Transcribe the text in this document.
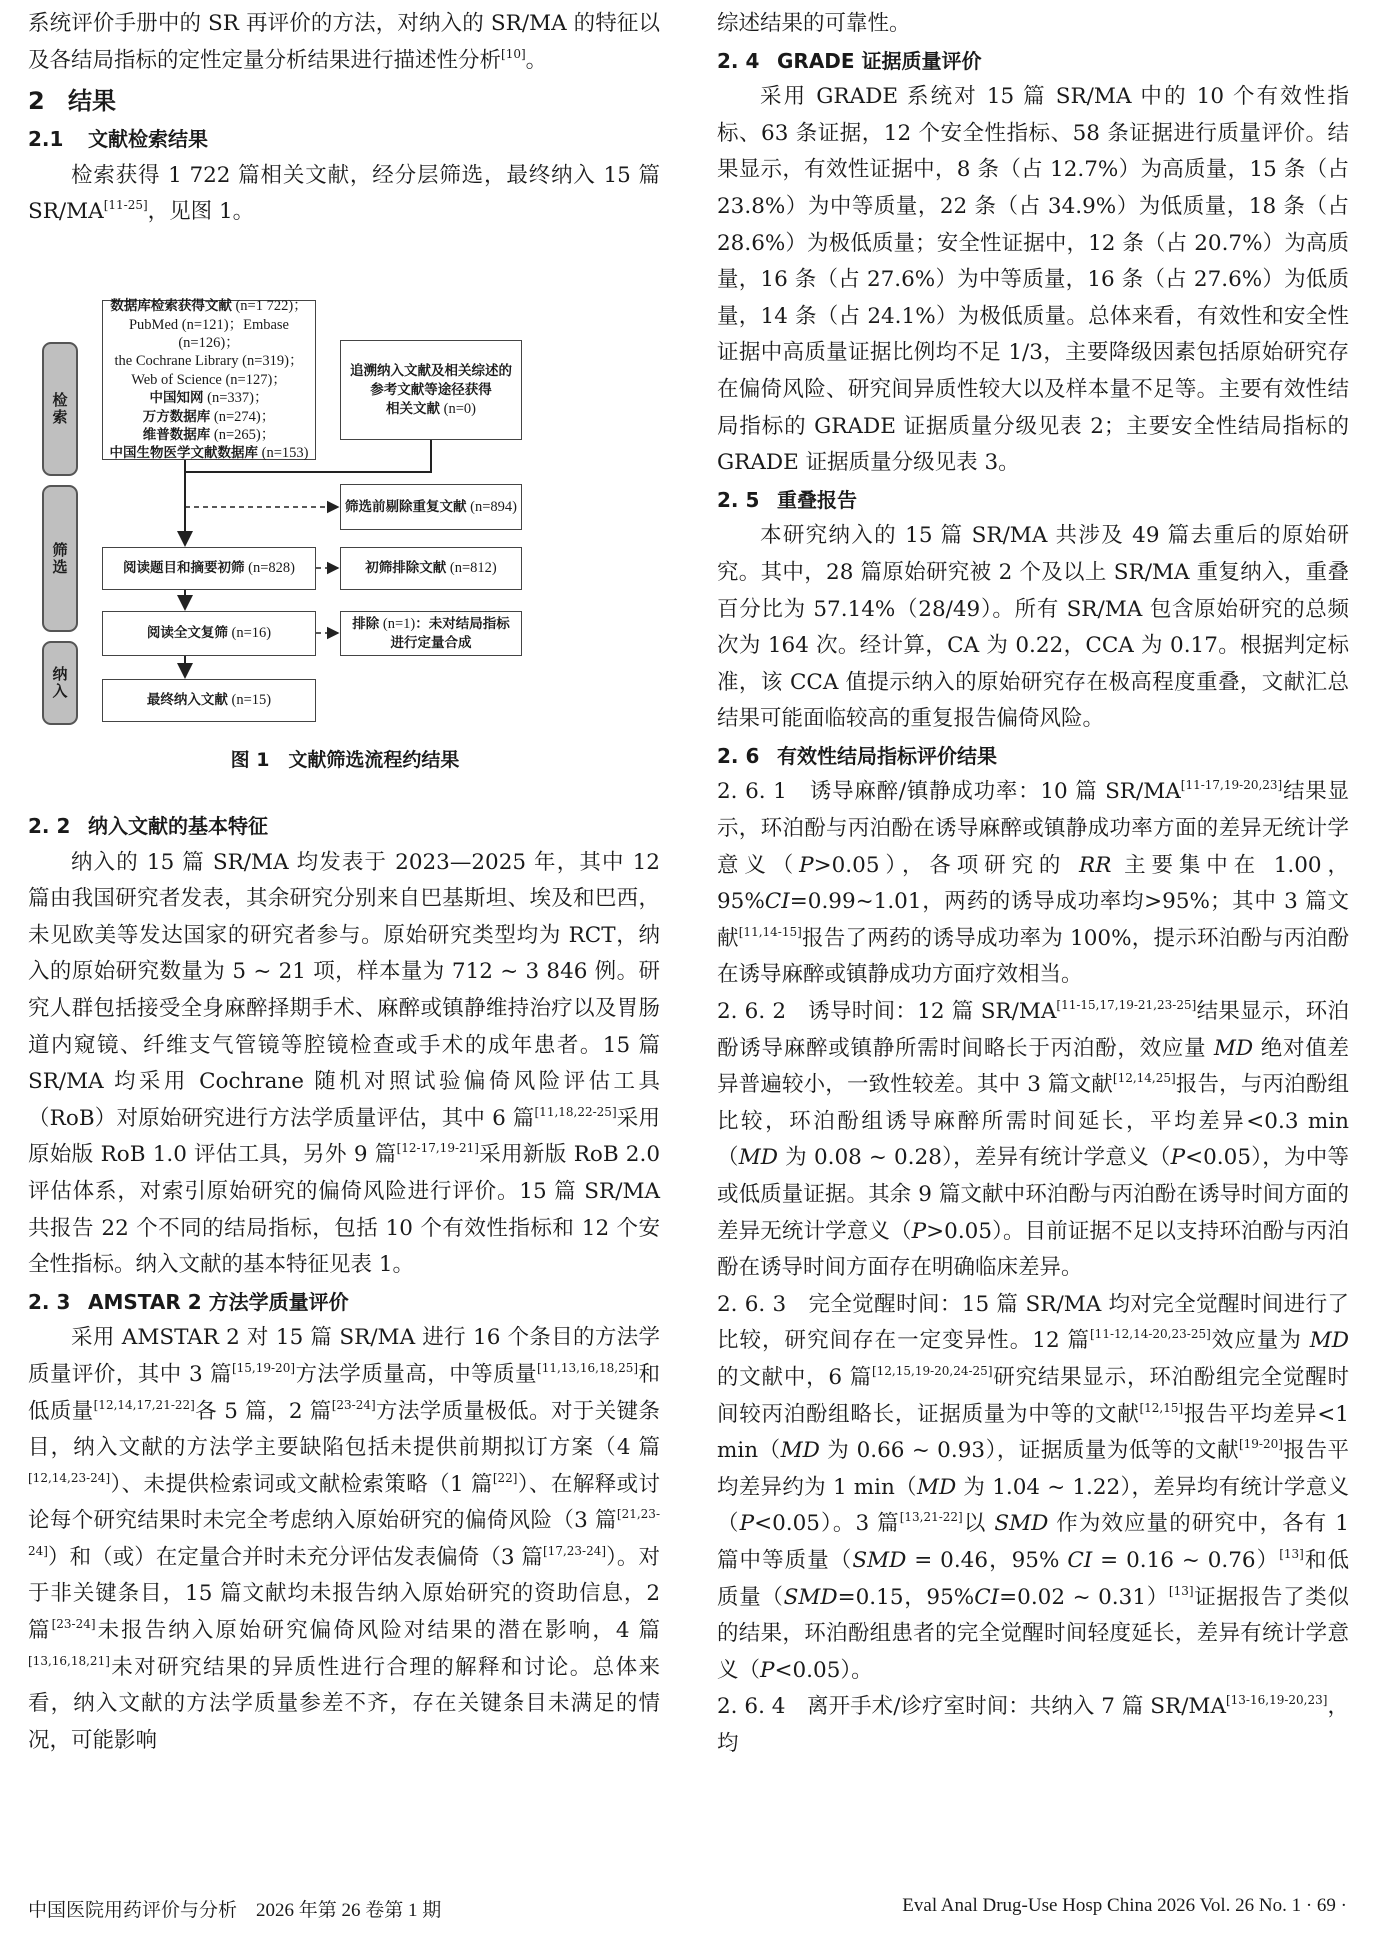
系统评价手册中的 SR 再评价的方法，对纳入的 SR/MA 的特征以及各结局指标的定性定量分析结果进行描述性分析[10]。

2 结果
2.1 文献检索结果

检索获得 1 722 篇相关文献，经分层筛选，最终纳入 15 篇 SR/MA[11-25]，见图 1。

检索
筛选
纳入
数据库检索获得文献 (n=1 722)；
PubMed (n=121)；Embase (n=126)；
the Cochrane Library (n=319)；
Web of Science (n=127)；
中国知网 (n=337)；
万方数据库 (n=274)；
维普数据库 (n=265)；
中国生物医学文献数据库 (n=153)
追溯纳入文献及相关综述的
参考文献等途径获得
相关文献 (n=0)
筛选前剔除重复文献 (n=894)
阅读题目和摘要初筛 (n=828)	初筛排除文献 (n=812)
阅读全文复筛 (n=16)
排除 (n=1)：未对结局指标
进行定量合成
最终纳入文献 (n=15)
图 1　文献筛选流程约结果
2. 2 纳入文献的基本特征

纳入的 15 篇 SR/MA 均发表于 2023—2025 年，其中 12 篇由我国研究者发表，其余研究分别来自巴基斯坦、埃及和巴西，未见欧美等发达国家的研究者参与。原始研究类型均为 RCT，纳入的原始研究数量为 5 ~ 21 项，样本量为 712 ~ 3 846 例。研究人群包括接受全身麻醉择期手术、麻醉或镇静维持治疗以及胃肠道内窥镜、纤维支气管镜等腔镜检查或手术的成年患者。15 篇 SR/MA 均采用 Cochrane 随机对照试验偏倚风险评估工具（RoB）对原始研究进行方法学质量评估，其中 6 篇[11,18,22-25]采用原始版 RoB 1.0 评估工具，另外 9 篇[12-17,19-21]采用新版 RoB 2.0 评估体系，对索引原始研究的偏倚风险进行评价。15 篇 SR/MA 共报告 22 个不同的结局指标，包括 10 个有效性指标和 12 个安全性指标。纳入文献的基本特征见表 1。

2. 3 AMSTAR 2 方法学质量评价

采用 AMSTAR 2 对 15 篇 SR/MA 进行 16 个条目的方法学质量评价，其中 3 篇[15,19-20]方法学质量高，中等质量[11,13,16,18,25]和低质量[12,14,17,21-22]各 5 篇，2 篇[23-24]方法学质量极低。对于关键条目，纳入文献的方法学主要缺陷包括未提供前期拟订方案（4 篇[12,14,23-24]）、未提供检索词或文献检索策略（1 篇[22]）、在解释或讨论每个研究结果时未完全考虑纳入原始研究的偏倚风险（3 篇[21,23-24]）和（或）在定量合并时未充分评估发表偏倚（3 篇[17,23-24]）。对于非关键条目，15 篇文献均未报告纳入原始研究的资助信息，2 篇[23-24]未报告纳入原始研究偏倚风险对结果的潜在影响，4 篇[13,16,18,21]未对研究结果的异质性进行合理的解释和讨论。总体来看，纳入文献的方法学质量参差不齐，存在关键条目未满足的情况，可能影响

综述结果的可靠性。

2. 4 GRADE 证据质量评价

采用 GRADE 系统对 15 篇 SR/MA 中的 10 个有效性指标、63 条证据，12 个安全性指标、58 条证据进行质量评价。结果显示，有效性证据中，8 条（占 12.7%）为高质量，15 条（占 23.8%）为中等质量，22 条（占 34.9%）为低质量，18 条（占 28.6%）为极低质量；安全性证据中，12 条（占 20.7%）为高质量，16 条（占 27.6%）为中等质量，16 条（占 27.6%）为低质量，14 条（占 24.1%）为极低质量。总体来看，有效性和安全性证据中高质量证据比例均不足 1/3，主要降级因素包括原始研究存在偏倚风险、研究间异质性较大以及样本量不足等。主要有效性结局指标的 GRADE 证据质量分级见表 2；主要安全性结局指标的 GRADE 证据质量分级见表 3。

2. 5 重叠报告

本研究纳入的 15 篇 SR/MA 共涉及 49 篇去重后的原始研究。其中，28 篇原始研究被 2 个及以上 SR/MA 重复纳入，重叠百分比为 57.14%（28/49）。所有 SR/MA 包含原始研究的总频次为 164 次。经计算，CA 为 0.22，CCA 为 0.17。根据判定标准，该 CCA 值提示纳入的原始研究存在极高程度重叠，文献汇总结果可能面临较高的重复报告偏倚风险。

2. 6 有效性结局指标评价结果

2. 6. 1　诱导麻醉/镇静成功率：10 篇 SR/MA[11-17,19-20,23]结果显示，环泊酚与丙泊酚在诱导麻醉或镇静成功率方面的差异无统计学意义（P>0.05），各项研究的 RR 主要集中在 1.00，95%CI=0.99~1.01，两药的诱导成功率均>95%；其中 3 篇文献[11,14-15]报告了两药的诱导成功率为 100%，提示环泊酚与丙泊酚在诱导麻醉或镇静成功方面疗效相当。

2. 6. 2　诱导时间：12 篇 SR/MA[11-15,17,19-21,23-25]结果显示，环泊酚诱导麻醉或镇静所需时间略长于丙泊酚，效应量 MD 绝对值差异普遍较小，一致性较差。其中 3 篇文献[12,14,25]报告，与丙泊酚组比较，环泊酚组诱导麻醉所需时间延长，平均差异<0.3 min（MD 为 0.08 ~ 0.28），差异有统计学意义（P<0.05），为中等或低质量证据。其余 9 篇文献中环泊酚与丙泊酚在诱导时间方面的差异无统计学意义（P>0.05）。目前证据不足以支持环泊酚与丙泊酚在诱导时间方面存在明确临床差异。

2. 6. 3　完全觉醒时间：15 篇 SR/MA 均对完全觉醒时间进行了比较，研究间存在一定变异性。12 篇[11-12,14-20,23-25]效应量为 MD 的文献中，6 篇[12,15,19-20,24-25]研究结果显示，环泊酚组完全觉醒时间较丙泊酚组略长，证据质量为中等的文献[12,15]报告平均差异<1 min（MD 为 0.66 ~ 0.93），证据质量为低等的文献[19-20]报告平均差异约为 1 min（MD 为 1.04 ~ 1.22），差异均有统计学意义（P<0.05）。3 篇[13,21-22]以 SMD 作为效应量的研究中，各有 1 篇中等质量（SMD = 0.46，95% CI = 0.16 ~ 0.76）[13]和低质量（SMD=0.15，95%CI=0.02 ~ 0.31）[13]证据报告了类似的结果，环泊酚组患者的完全觉醒时间轻度延长，差异有统计学意义（P<0.05）。

2. 6. 4　离开手术/诊疗室时间：共纳入 7 篇 SR/MA[13-16,19-20,23]，均

中国医院用药评价与分析　2026 年第 26 卷第 1 期	Eval Anal Drug-Use Hosp China 2026 Vol. 26 No. 1 · 69 ·
